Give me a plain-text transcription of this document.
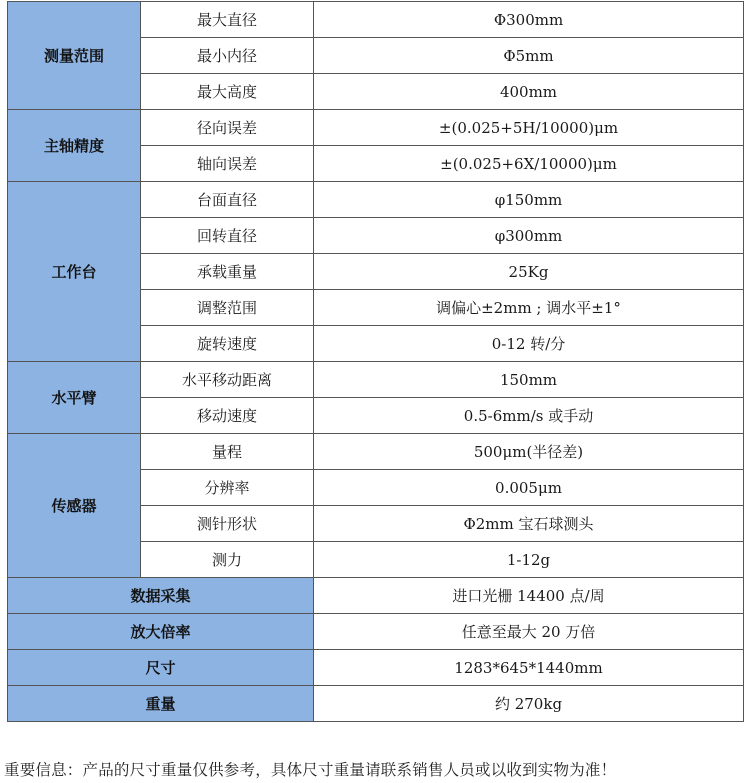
测量范围	最大直径	Φ300mm
	最小内径	Φ5mm
	最大高度	400mm
主轴精度	径向误差	±(0.025+5H/10000)μm
	轴向误差	±(0.025+6X/10000)μm
工作台	台面直径	φ150mm
	回转直径	φ300mm
	承载重量	25Kg
	调整范围	调偏心±2mm ; 调水平±1°
	旋转速度	0-12 转/分
水平臂	水平移动距离	150mm
	移动速度	0.5-6mm/s 或手动
传感器	量程	500μm(半径差)
	分辨率	0.005μm
	测针形状	Φ2mm 宝石球测头
	测力	1-12g
数据采集		进口光栅 14400 点/周
放大倍率		任意至最大 20 万倍
尺寸		1283*645*1440mm
重量		约 270kg
重要信息：产品的尺寸重量仅供参考，具体尺寸重量请联系销售人员或以收到实物为准！
